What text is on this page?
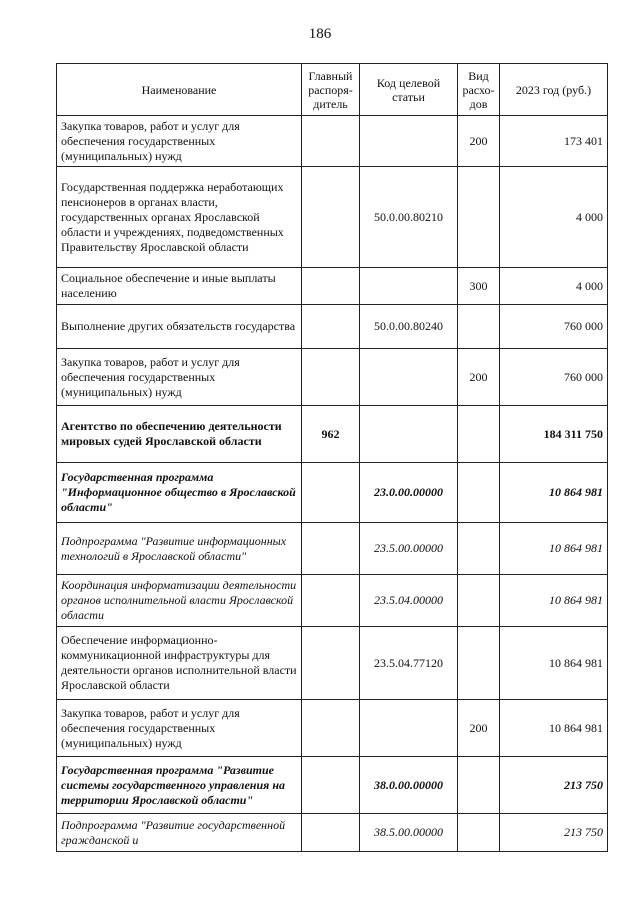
186
Наименование	Главный распоря-дитель	Код целевой статьи	Вид расхо-дов	2023 год (руб.)
Закупка товаров, работ и услуг для обеспечения государственных (муниципальных) нужд			200	173 401
Государственная поддержка неработающих пенсионеров в органах власти, государственных органах Ярославской области и учреждениях, подведомственных Правительству Ярославской области		50.0.00.80210		4 000
Социальное обеспечение и иные выплаты населению			300	4 000
Выполнение других обязательств государства		50.0.00.80240		760 000
Закупка товаров, работ и услуг для обеспечения государственных (муниципальных) нужд			200	760 000
Агентство по обеспечению деятельности мировых судей Ярославской области	962			184 311 750
Государственная программа "Информационное общество в Ярославской области"		23.0.00.00000		10 864 981
Подпрограмма "Развитие информационных технологий в Ярославской области"		23.5.00.00000		10 864 981
Координация информатизации деятельности органов исполнительной власти Ярославской области		23.5.04.00000		10 864 981
Обеспечение информационно-коммуникационной инфраструктуры для деятельности органов исполнительной власти Ярославской области		23.5.04.77120		10 864 981
Закупка товаров, работ и услуг для обеспечения государственных (муниципальных) нужд			200	10 864 981
Государственная программа "Развитие системы государственного управления на территории Ярославской области"		38.0.00.00000		213 750
Подпрограмма "Развитие государственной гражданской и		38.5.00.00000		213 750
